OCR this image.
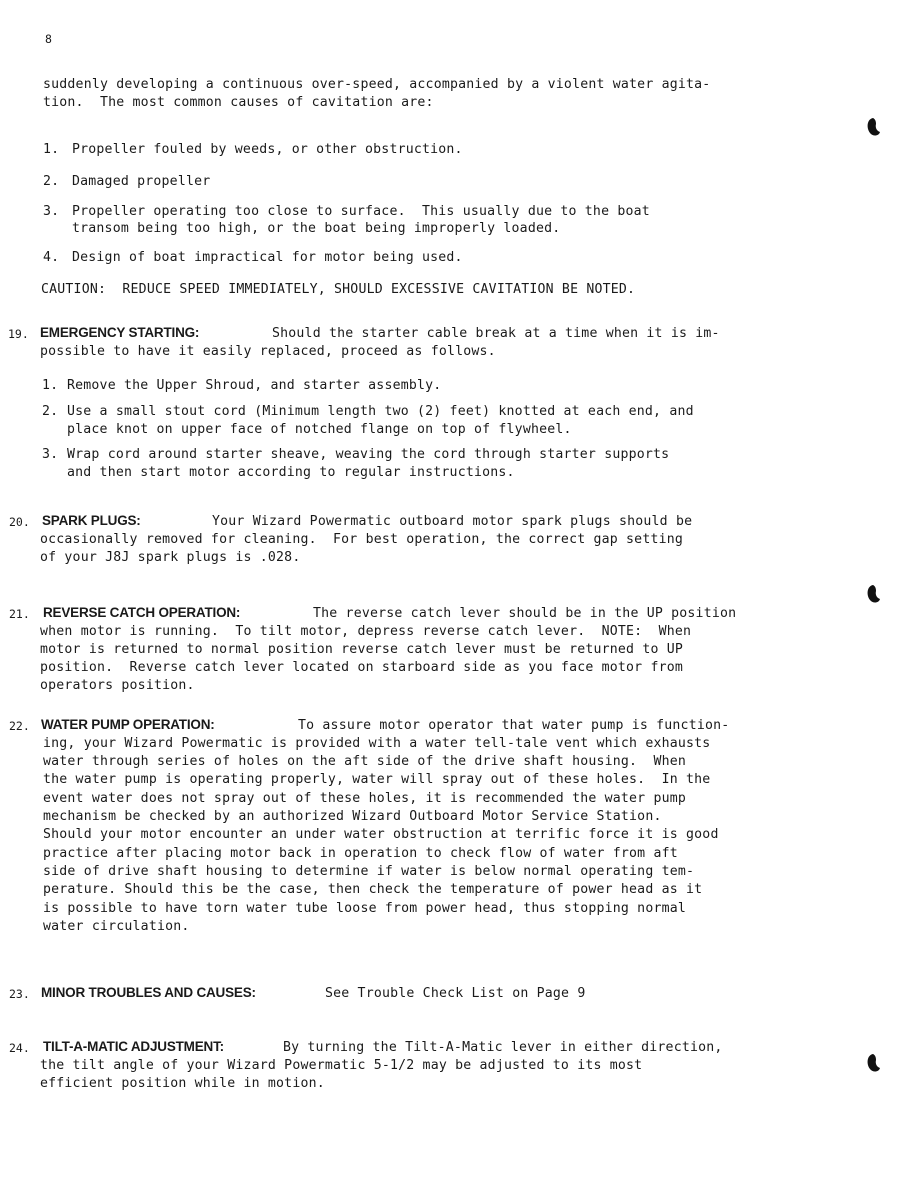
8
suddenly developing a continuous over-speed, accompanied by a violent water agita-
tion.  The most common causes of cavitation are:
1. Propeller fouled by weeds, or other obstruction.
2. Damaged propeller
3. Propeller operating too close to surface.  This usually due to the boat
transom being too high, or the boat being improperly loaded.
4. Design of boat impractical for motor being used.
CAUTION:  REDUCE SPEED IMMEDIATELY, SHOULD EXCESSIVE CAVITATION BE NOTED.
19. EMERGENCY STARTING:	Should the starter cable break at a time when it is im-
possible to have it easily replaced, proceed as follows.
1. Remove the Upper Shroud, and starter assembly.
2. Use a small stout cord (Minimum length two (2) feet) knotted at each end, and
place knot on upper face of notched flange on top of flywheel.
3. Wrap cord around starter sheave, weaving the cord through starter supports
and then start motor according to regular instructions.
20. SPARK PLUGS:	Your Wizard Powermatic outboard motor spark plugs should be
occasionally removed for cleaning.  For best operation, the correct gap setting
of your J8J spark plugs is .028.
21. REVERSE CATCH OPERATION:	The reverse catch lever should be in the UP position
when motor is running.  To tilt motor, depress reverse catch lever.  NOTE:  When
motor is returned to normal position reverse catch lever must be returned to UP
position.  Reverse catch lever located on starboard side as you face motor from
operators position.
22. WATER PUMP OPERATION:	To assure motor operator that water pump is function-
ing, your Wizard Powermatic is provided with a water tell-tale vent which exhausts
water through series of holes on the aft side of the drive shaft housing.  When
the water pump is operating properly, water will spray out of these holes.  In the
event water does not spray out of these holes, it is recommended the water pump
mechanism be checked by an authorized Wizard Outboard Motor Service Station.
Should your motor encounter an under water obstruction at terrific force it is good
practice after placing motor back in operation to check flow of water from aft
side of drive shaft housing to determine if water is below normal operating tem-
perature. Should this be the case, then check the temperature of power head as it
is possible to have torn water tube loose from power head, thus stopping normal
water circulation.
23. MINOR TROUBLES AND CAUSES:	See Trouble Check List on Page 9
24. TILT-A-MATIC ADJUSTMENT:	By turning the Tilt-A-Matic lever in either direction,
the tilt angle of your Wizard Powermatic 5-1/2 may be adjusted to its most
efficient position while in motion.
